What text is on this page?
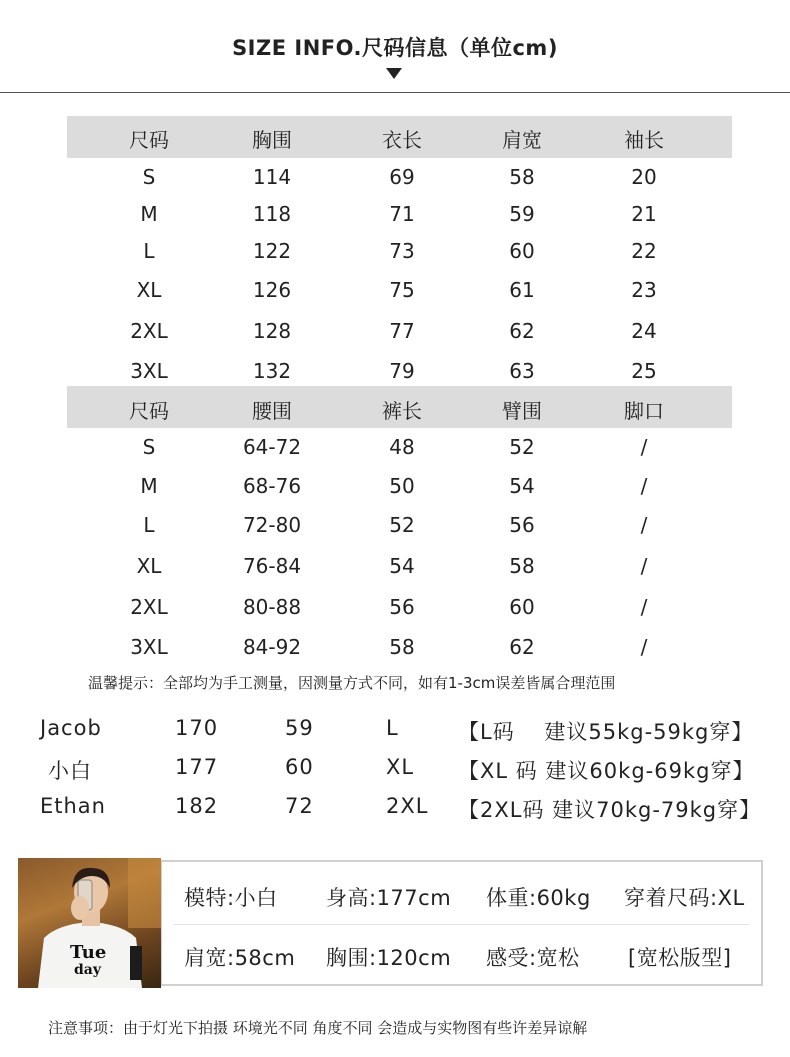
SIZE INFO.尺码信息（单位cm)
尺码	胸围	衣长	肩宽	袖长
S	114	69	58	20
M	118	71	59	21
L	122	73	60	22
XL	126	75	61	23
2XL	128	77	62	24
3XL	132	79	63	25
尺码	腰围	裤长	臂围	脚口
S	64-72	48	52	/
M	68-76	50	54	/
L	72-80	52	56	/
XL	76-84	54	58	/
2XL	80-88	56	60	/
3XL	84-92	58	62	/
温馨提示：全部均为手工测量，因测量方式不同，如有1-3cm误差皆属合理范围
Jacob	170	59	L	【L码 　建议55kg-59kg穿】
小白	177	60	XL 【XL 码 建议60kg-69kg穿】
Ethan	182	72	2XL 【2XL码 建议70kg-79kg穿】
模特:小白 身高:177cm 体重:60kg 穿着尺码:XL
肩宽:58cm 胸围:120cm 感受:宽松 [宽松版型]
Tue
day
注意事项：由于灯光下拍摄 环境光不同 角度不同 会造成与实物图有些许差异谅解
